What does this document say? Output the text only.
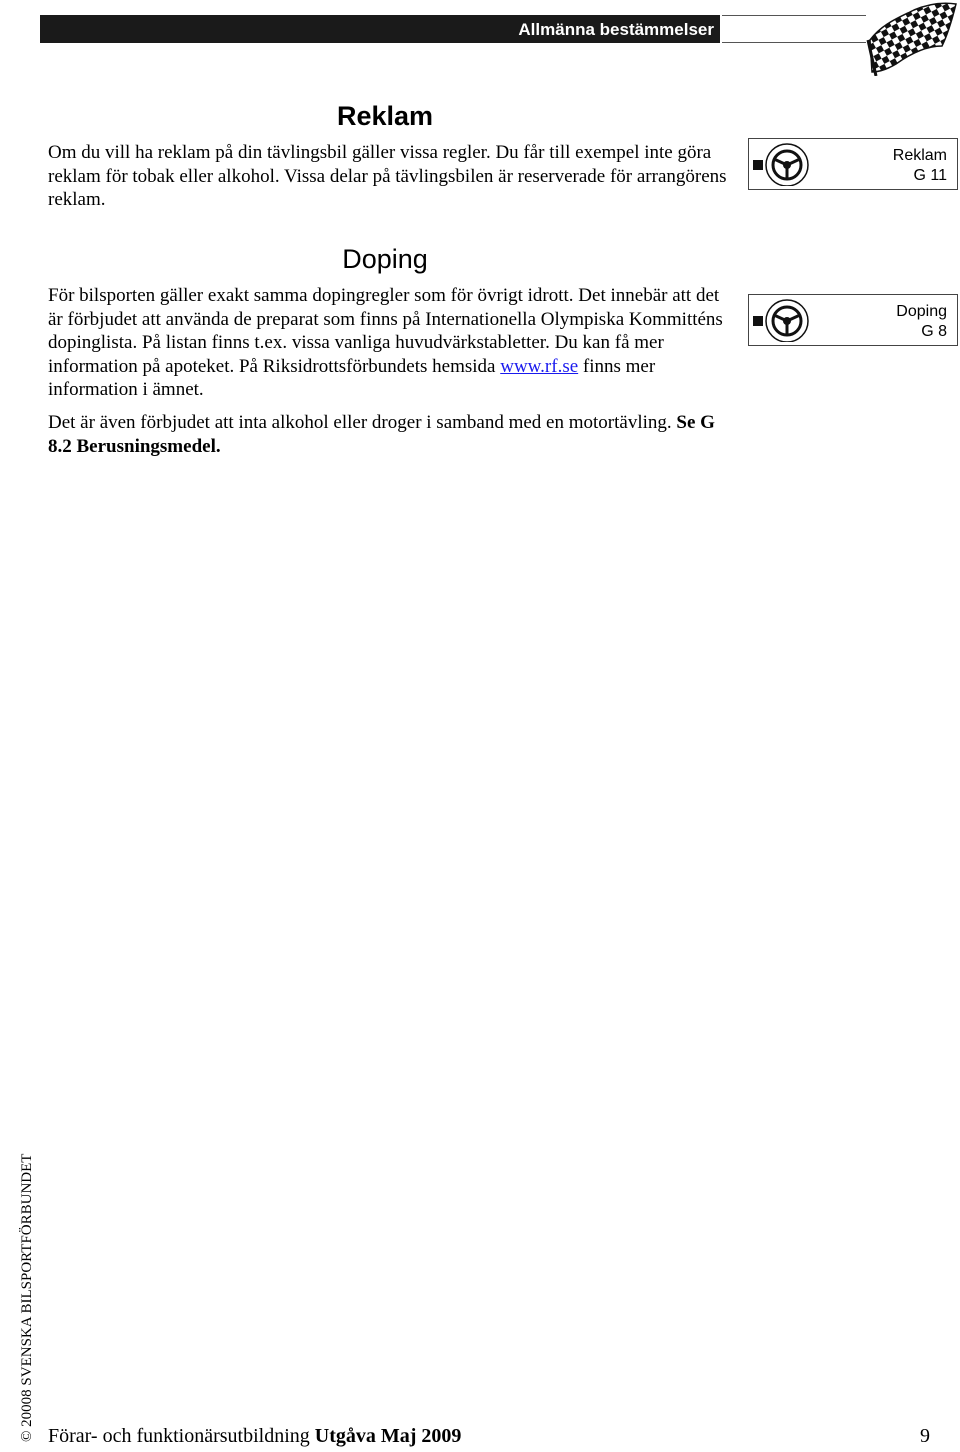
Allmänna bestämmelser
Reklam

Om du vill ha reklam på din tävlingsbil gäller vissa regler. Du får till exempel inte göra reklam för tobak eller alkohol. Vissa delar på tävlingsbilen är reserverade för arrangörens reklam.

Reklam
G 11
Doping

För bilsporten gäller exakt samma dopingregler som för övrigt idrott. Det innebär att det är förbjudet att använda de preparat som finns på Internationella Olympiska Kommitténs dopinglista. På listan finns t.ex. vissa vanliga huvudvärkstabletter. Du kan få mer information på apoteket. På Riksidrottsförbundets hemsida www.rf.se finns mer information i ämnet.

Det är även förbjudet att inta alkohol eller droger i samband med en motortävling. Se G 8.2 Berusningsmedel.

Doping
G 8
© 20008 SVENSKA BILSPORTFÖRBUNDET Förar- och funktionärsutbildning Utgåva Maj 2009	9
